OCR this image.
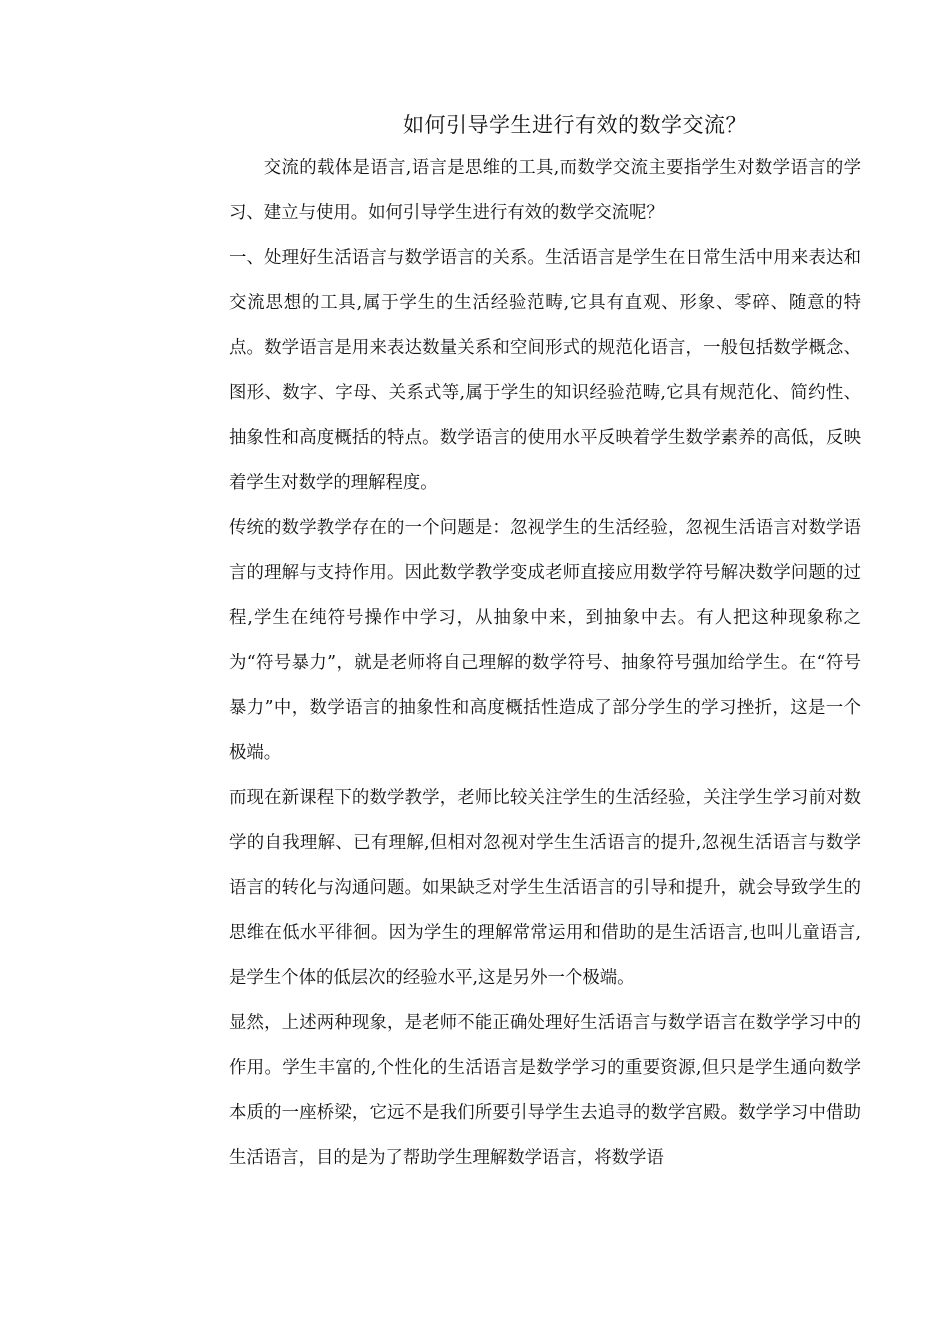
如何引导学生进行有效的数学交流？

交流的载体是语言,语言是思维的工具,而数学交流主要指学生对数学语言的学习、建立与使用。如何引导学生进行有效的数学交流呢？

一、处理好生活语言与数学语言的关系。生活语言是学生在日常生活中用来表达和交流思想的工具,属于学生的生活经验范畴,它具有直观、形象、零碎、随意的特点。数学语言是用来表达数量关系和空间形式的规范化语言，一般包括数学概念、图形、数字、字母、关系式等,属于学生的知识经验范畴,它具有规范化、简约性、抽象性和高度概括的特点。数学语言的使用水平反映着学生数学素养的高低，反映着学生对数学的理解程度。

传统的数学教学存在的一个问题是：忽视学生的生活经验，忽视生活语言对数学语言的理解与支持作用。因此数学教学变成老师直接应用数学符号解决数学问题的过程,学生在纯符号操作中学习，从抽象中来，到抽象中去。有人把这种现象称之为“符号暴力”，就是老师将自己理解的数学符号、抽象符号强加给学生。在“符号暴力”中，数学语言的抽象性和高度概括性造成了部分学生的学习挫折，这是一个极端。

而现在新课程下的数学教学，老师比较关注学生的生活经验，关注学生学习前对数学的自我理解、已有理解,但相对忽视对学生生活语言的提升,忽视生活语言与数学语言的转化与沟通问题。如果缺乏对学生生活语言的引导和提升，就会导致学生的思维在低水平徘徊。因为学生的理解常常运用和借助的是生活语言,也叫儿童语言,是学生个体的低层次的经验水平,这是另外一个极端。

显然，上述两种现象，是老师不能正确处理好生活语言与数学语言在数学学习中的作用。学生丰富的,个性化的生活语言是数学学习的重要资源,但只是学生通向数学本质的一座桥梁，它远不是我们所要引导学生去追寻的数学宫殿。数学学习中借助生活语言，目的是为了帮助学生理解数学语言，将数学语
